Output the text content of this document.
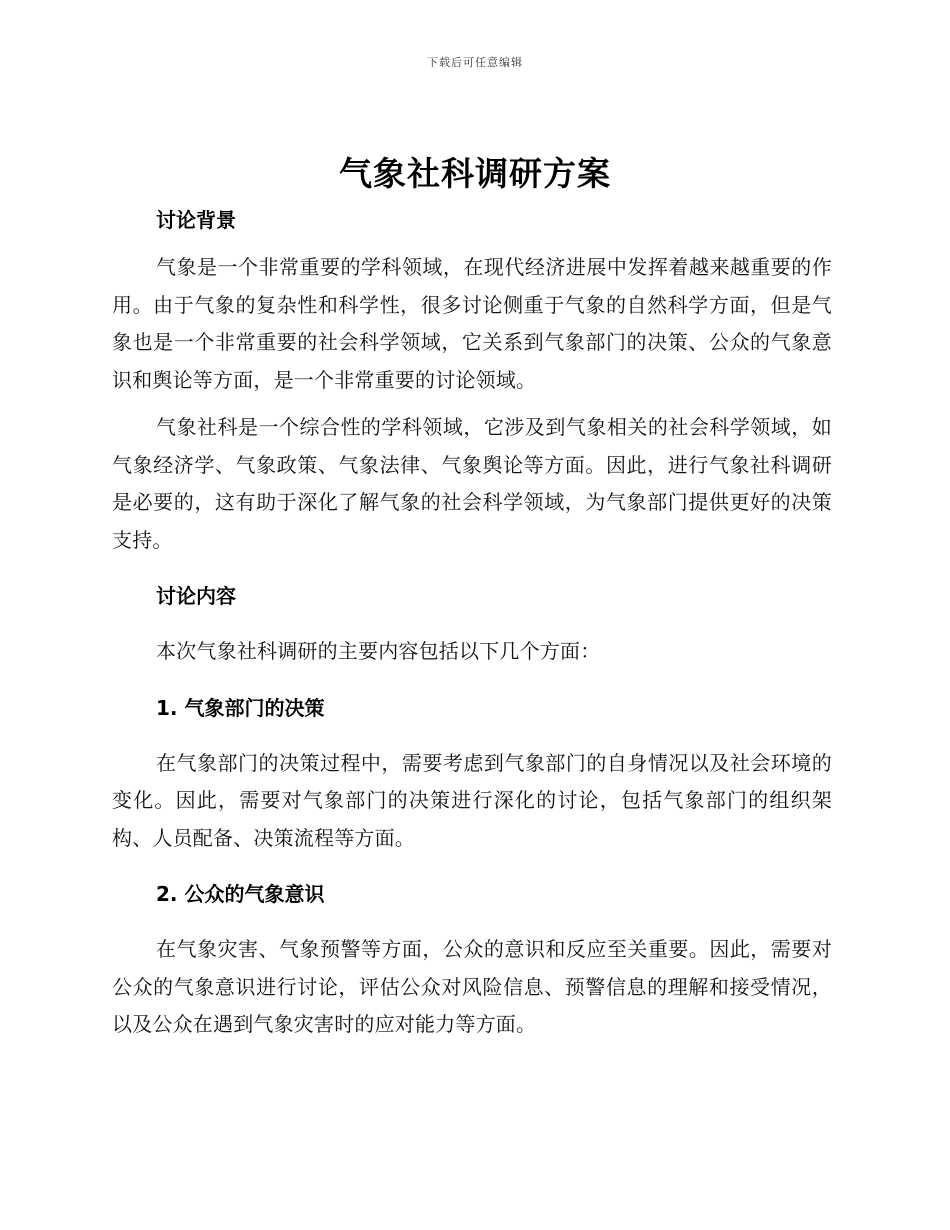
下载后可任意编辑
气象社科调研方案

讨论背景

气象是一个非常重要的学科领域，在现代经济进展中发挥着越来越重要的作用。由于气象的复杂性和科学性，很多讨论侧重于气象的自然科学方面，但是气象也是一个非常重要的社会科学领域，它关系到气象部门的决策、公众的气象意识和舆论等方面，是一个非常重要的讨论领域。

气象社科是一个综合性的学科领域，它涉及到气象相关的社会科学领域，如气象经济学、气象政策、气象法律、气象舆论等方面。因此，进行气象社科调研是必要的，这有助于深化了解气象的社会科学领域，为气象部门提供更好的决策支持。

讨论内容

本次气象社科调研的主要内容包括以下几个方面：

1. 气象部门的决策

在气象部门的决策过程中，需要考虑到气象部门的自身情况以及社会环境的变化。因此，需要对气象部门的决策进行深化的讨论，包括气象部门的组织架构、人员配备、决策流程等方面。

2. 公众的气象意识

在气象灾害、气象预警等方面，公众的意识和反应至关重要。因此，需要对公众的气象意识进行讨论，评估公众对风险信息、预警信息的理解和接受情况，以及公众在遇到气象灾害时的应对能力等方面。
